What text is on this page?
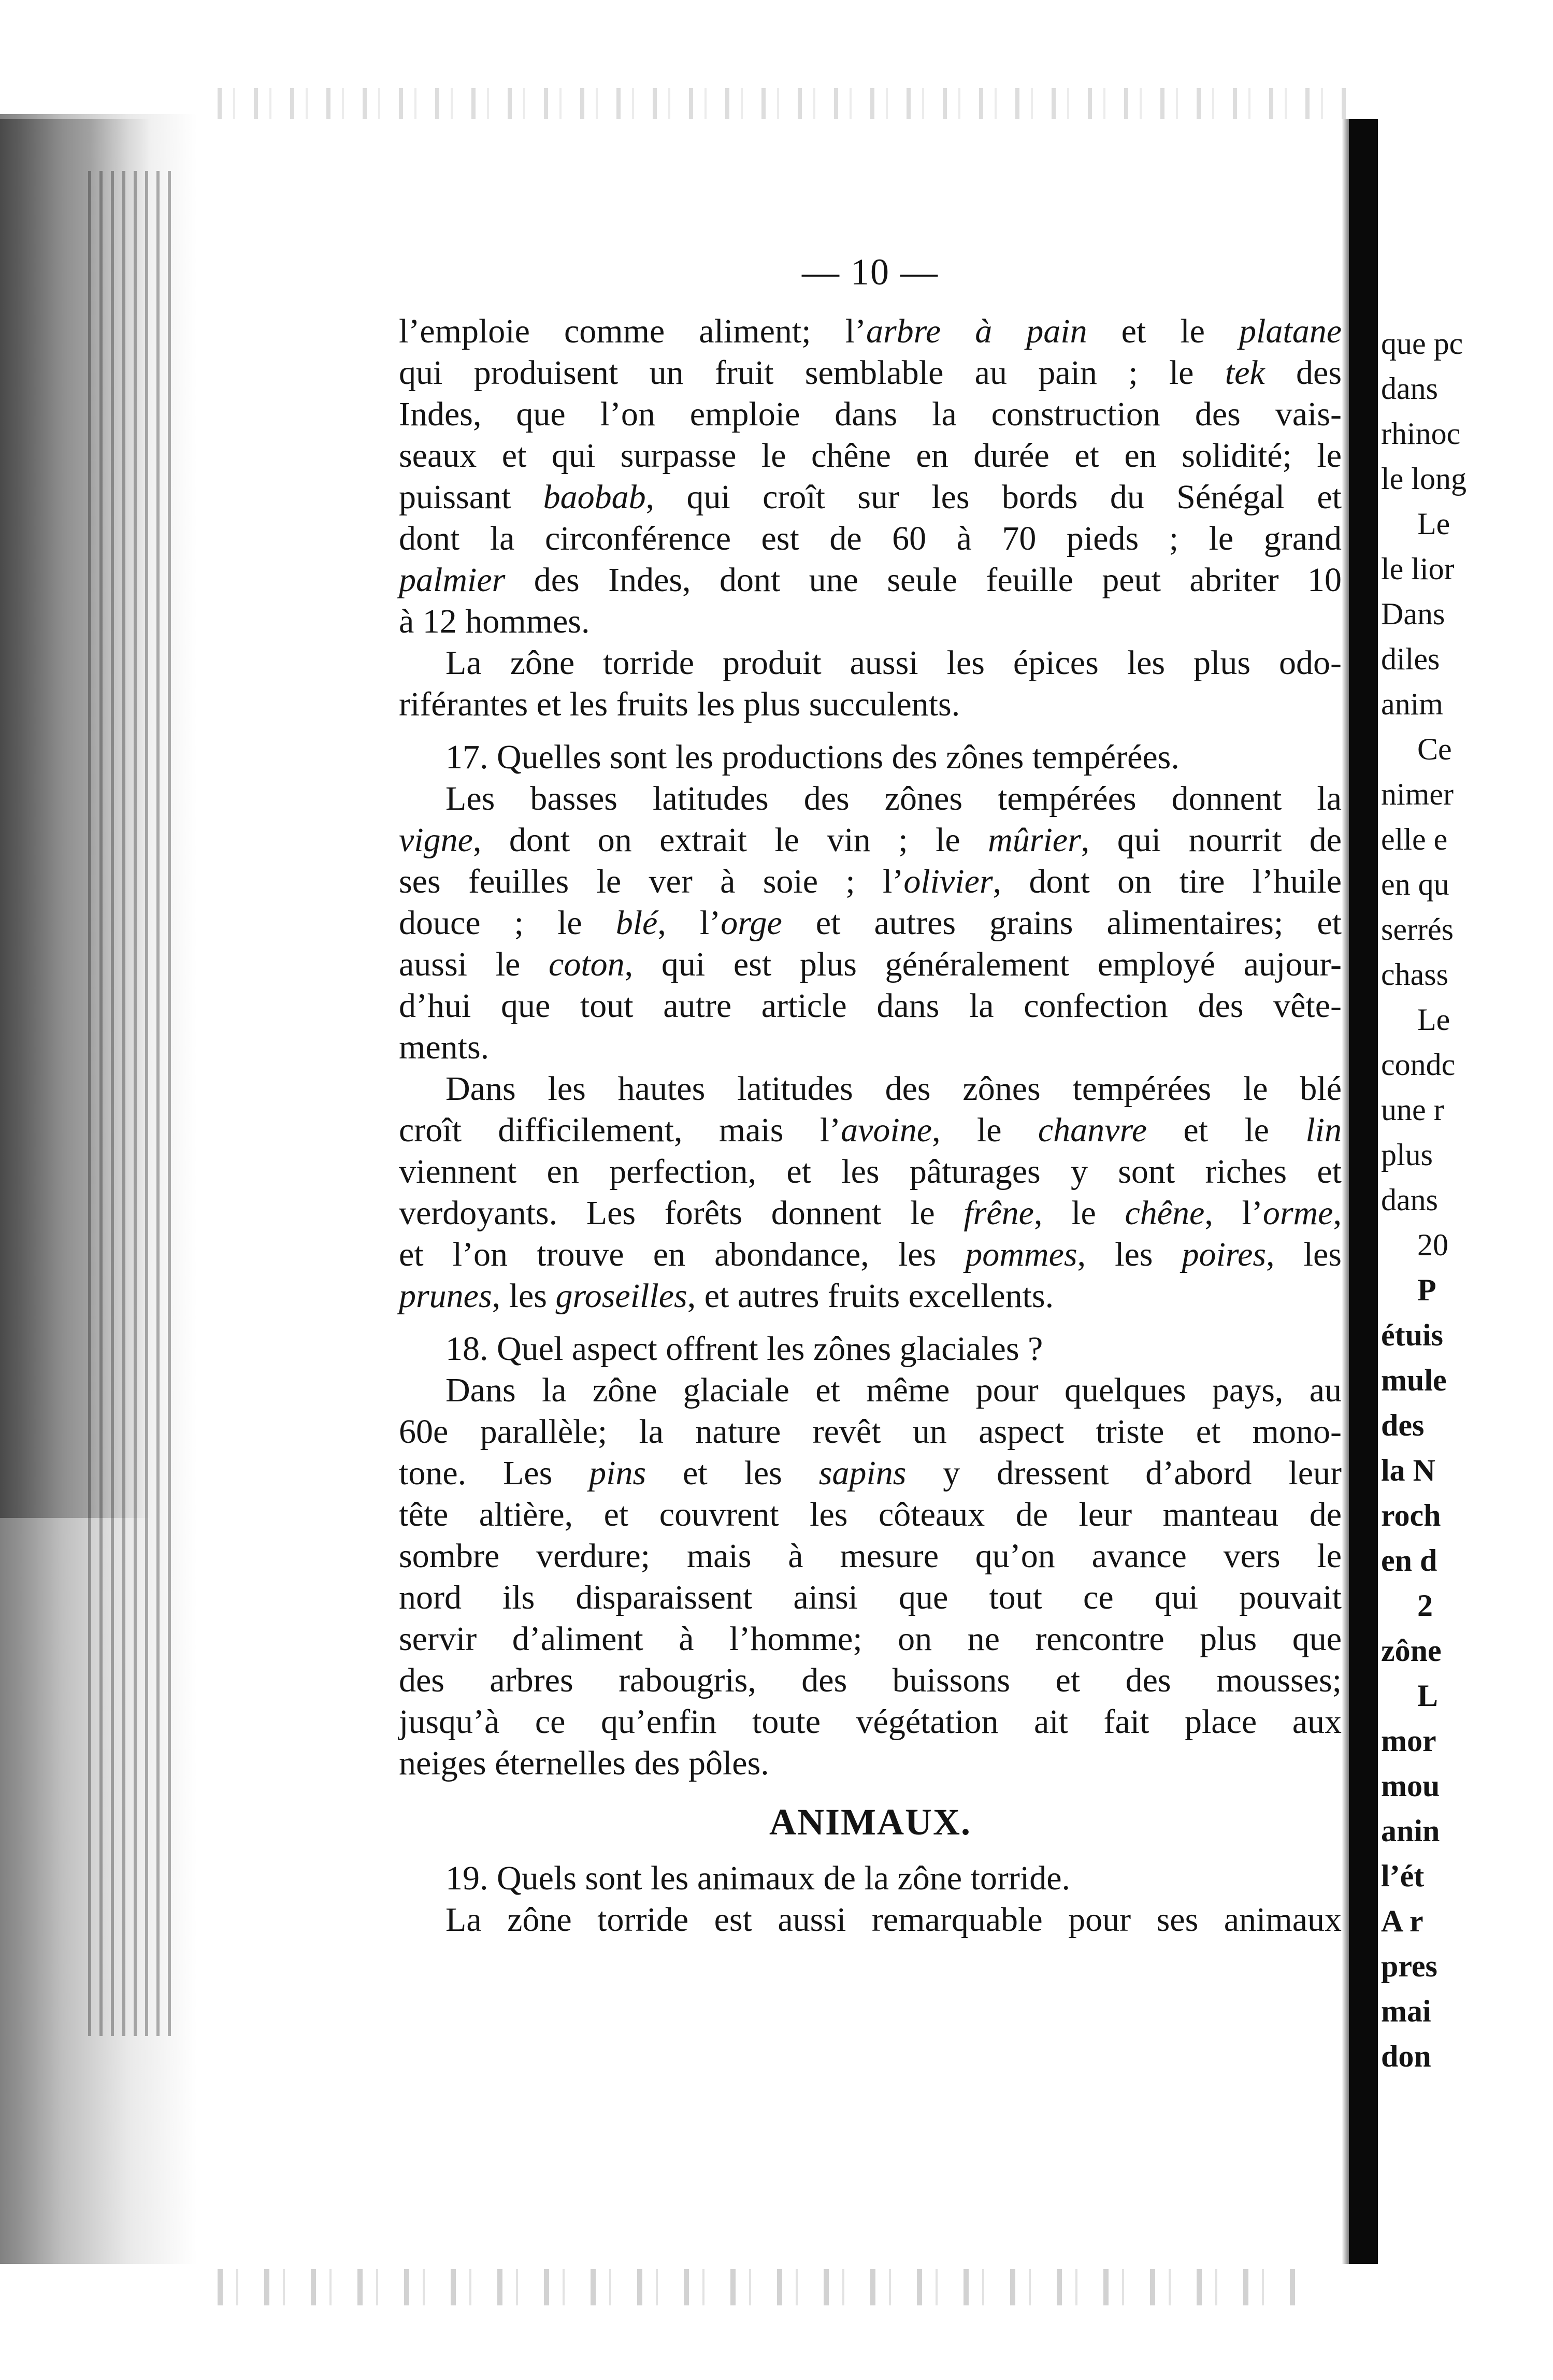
— 10 —
l’emploie comme aliment; l’arbre à pain et le platane
qui produisent un fruit semblable au pain ; le tek des
Indes, que l’on emploie dans la construction des vais-
seaux et qui surpasse le chêne en durée et en solidité; le
puissant baobab, qui croît sur les bords du Sénégal et
dont la circonférence est de 60 à 70 pieds ; le grand
palmier des Indes, dont une seule feuille peut abriter 10
à 12 hommes.
La zône torride produit aussi les épices les plus odo-
riférantes et les fruits les plus succulents.
17. Quelles sont les productions des zônes tempérées.
Les basses latitudes des zônes tempérées donnent la
vigne, dont on extrait le vin ; le mûrier, qui nourrit de
ses feuilles le ver à soie ; l’olivier, dont on tire l’huile
douce ; le blé, l’orge et autres grains alimentaires; et
aussi le coton, qui est plus généralement employé aujour-
d’hui que tout autre article dans la confection des vête-
ments.
Dans les hautes latitudes des zônes tempérées le blé
croît difficilement, mais l’avoine, le chanvre et le lin
viennent en perfection, et les pâturages y sont riches et
verdoyants. Les forêts donnent le frêne, le chêne, l’orme,
et l’on trouve en abondance, les pommes, les poires, les
prunes, les groseilles, et autres fruits excellents.
18. Quel aspect offrent les zônes glaciales ?
Dans la zône glaciale et même pour quelques pays, au
60e parallèle; la nature revêt un aspect triste et mono-
tone. Les pins et les sapins y dressent d’abord leur
tête altière, et couvrent les côteaux de leur manteau de
sombre verdure; mais à mesure qu’on avance vers le
nord ils disparaissent ainsi que tout ce qui pouvait
servir d’aliment à l’homme; on ne rencontre plus que
des arbres rabougris, des buissons et des mousses;
jusqu’à ce qu’enfin toute végétation ait fait place aux
neiges éternelles des pôles.
ANIMAUX.
19. Quels sont les animaux de la zône torride.
La zône torride est aussi remarquable pour ses animaux
que pc
dans
rhinoc
le long
Le
le lior
Dans
diles
anim
Ce
nimer
elle e
en qu
serrés
chass
Le
condc
une r
plus
dans
20
P
étuis
mule
des
la N
roch
en d
2
zône
L
mor
mou
anin
l’ét
A r
pres
mai
don
